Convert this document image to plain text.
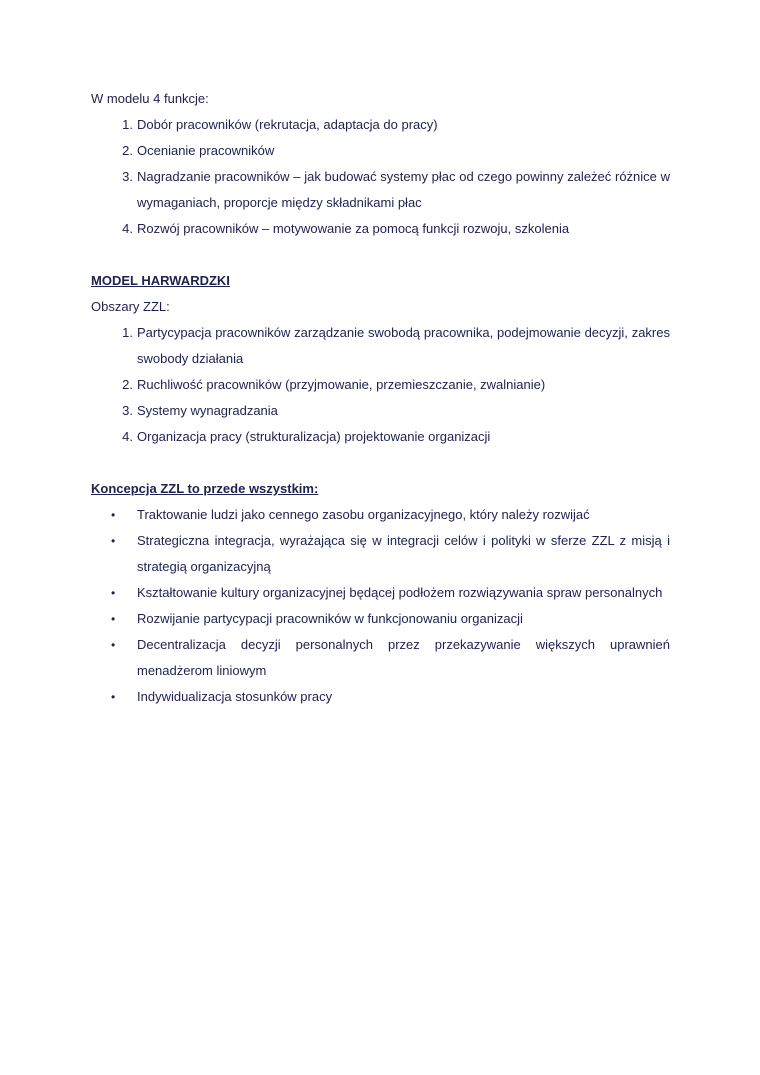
W modelu 4 funkcje:

1. Dobór pracowników (rekrutacja, adaptacja do pracy)
2. Ocenianie pracowników
3. Nagradzanie pracowników – jak budować systemy płac od czego powinny zależeć różnice w wymaganiach, proporcje między składnikami płac
4. Rozwój pracowników – motywowanie za pomocą funkcji rozwoju, szkolenia

MODEL HARWARDZKI

Obszary ZZL:

1. Partycypacja pracowników zarządzanie swobodą pracownika, podejmowanie decyzji, zakres swobody działania
2. Ruchliwość pracowników (przyjmowanie, przemieszczanie, zwalnianie)
3. Systemy wynagradzania
4. Organizacja pracy (strukturalizacja) projektowanie organizacji

Koncepcja ZZL to przede wszystkim:

•	Traktowanie ludzi jako cennego zasobu organizacyjnego, który należy rozwijać
•	Strategiczna integracja, wyrażająca się w integracji celów i polityki w sferze ZZL z misją i strategią organizacyjną
•	Kształtowanie kultury organizacyjnej będącej podłożem rozwiązywania spraw personalnych
•	Rozwijanie partycypacji pracowników w funkcjonowaniu organizacji
•	Decentralizacja decyzji personalnych przez przekazywanie większych uprawnień menadżerom liniowym
•	Indywidualizacja stosunków pracy
